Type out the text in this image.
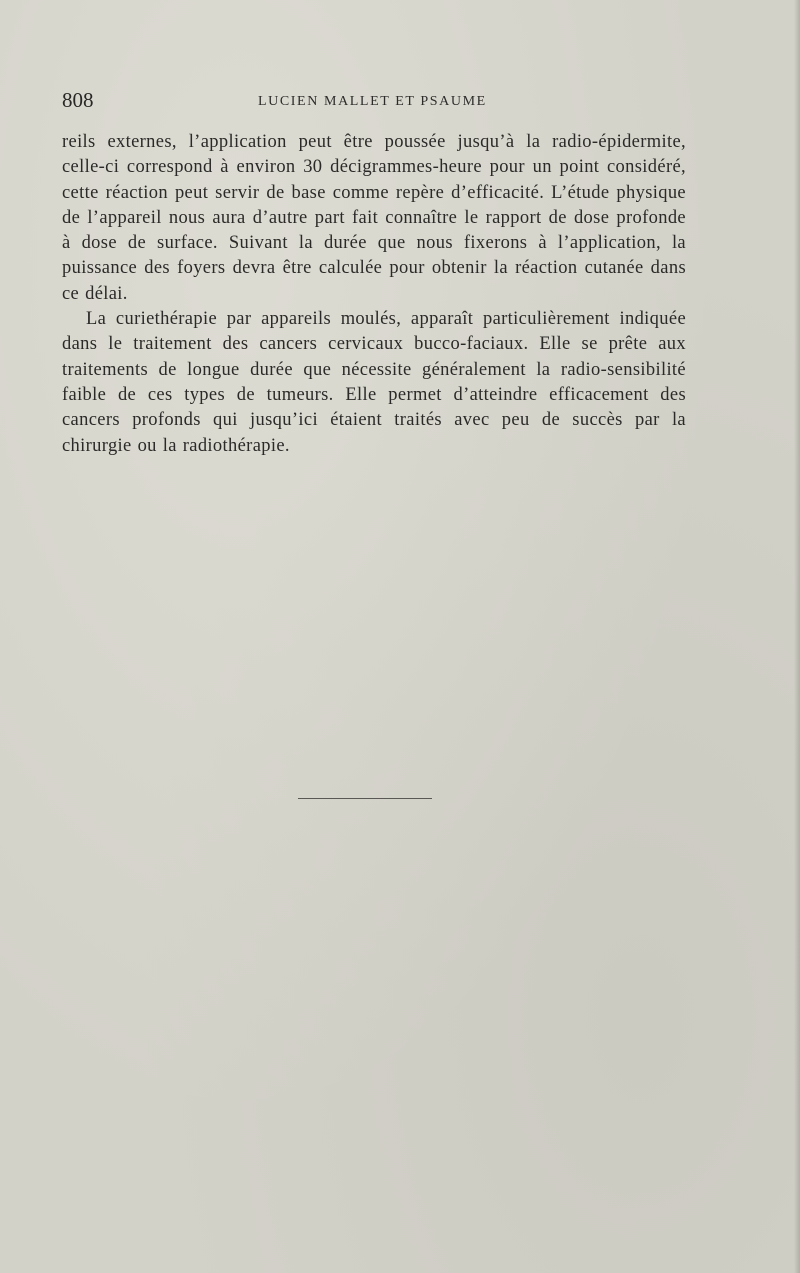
808	LUCIEN MALLET ET PSAUME

reils externes, l’application peut être poussée jusqu’à la radio-épidermite, celle-ci correspond à environ 30 décigrammes-heure pour un point considéré, cette réaction peut servir de base comme repère d’efficacité. L’étude physique de l’appareil nous aura d’autre part fait connaître le rapport de dose profonde à dose de surface. Suivant la durée que nous fixerons à l’application, la puissance des foyers devra être calculée pour obtenir la réaction cutanée dans ce délai.

La curiethérapie par appareils moulés, apparaît particulièrement indiquée dans le traitement des cancers cervicaux bucco-faciaux. Elle se prête aux traitements de longue durée que nécessite généralement la radio-sensibilité faible de ces types de tumeurs. Elle permet d’atteindre efficacement des cancers profonds qui jusqu’ici étaient traités avec peu de succès par la chirurgie ou la radiothérapie.
